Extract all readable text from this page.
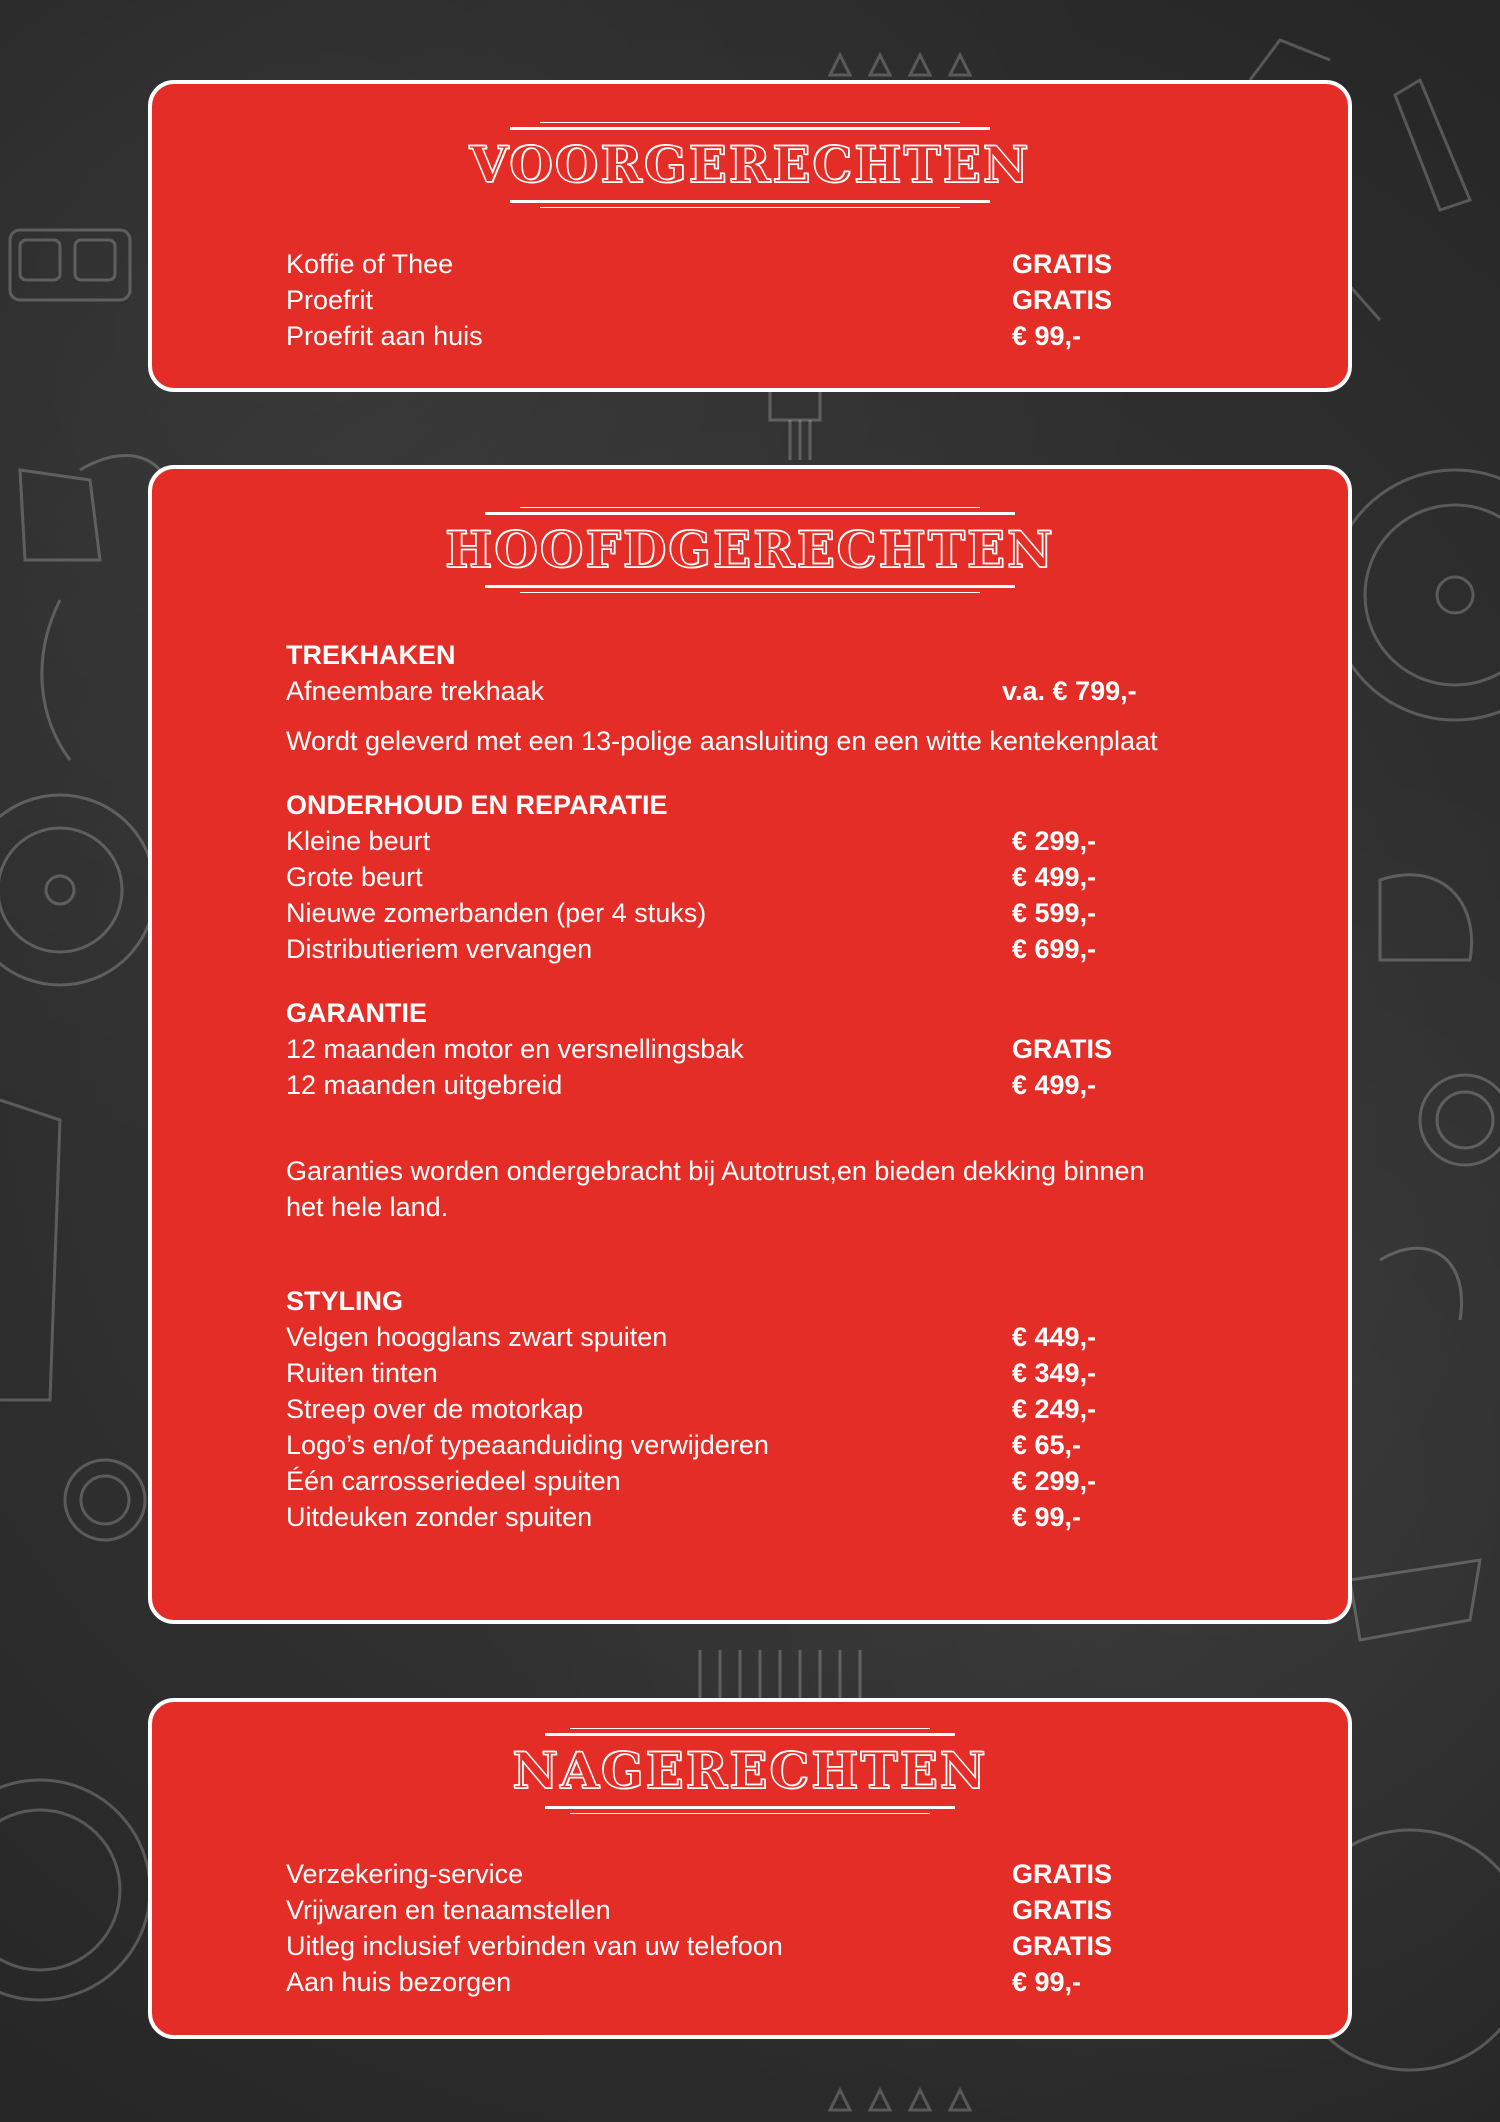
VOORGERECHTEN
Koffie of Thee	GRATIS
Proefrit	GRATIS
Proefrit aan huis	€ 99,-
HOOFDGERECHTEN
TREKHAKEN
Afneembare trekhaak	v.a. € 799,-
Wordt geleverd met een 13-polige aansluiting en een witte kentekenplaat
ONDERHOUD EN REPARATIE
Kleine beurt	€ 299,-
Grote beurt	€ 499,-
Nieuwe zomerbanden (per 4 stuks)	€ 599,-
Distributieriem vervangen	€ 699,-
GARANTIE
12 maanden motor en versnellingsbak	GRATIS
12 maanden uitgebreid	€ 499,-
Garanties worden ondergebracht bij Autotrust,en bieden dekking binnen
het hele land.
STYLING
Velgen hoogglans zwart spuiten	€ 449,-
Ruiten tinten	€ 349,-
Streep over de motorkap	€ 249,-
Logo’s en/of typeaanduiding verwijderen	€ 65,-
Één carrosseriedeel spuiten	€ 299,-
Uitdeuken zonder spuiten	€ 99,-
NAGERECHTEN
Verzekering-service	GRATIS
Vrijwaren en tenaamstellen	GRATIS
Uitleg inclusief verbinden van uw telefoon	GRATIS
Aan huis bezorgen	€ 99,-
